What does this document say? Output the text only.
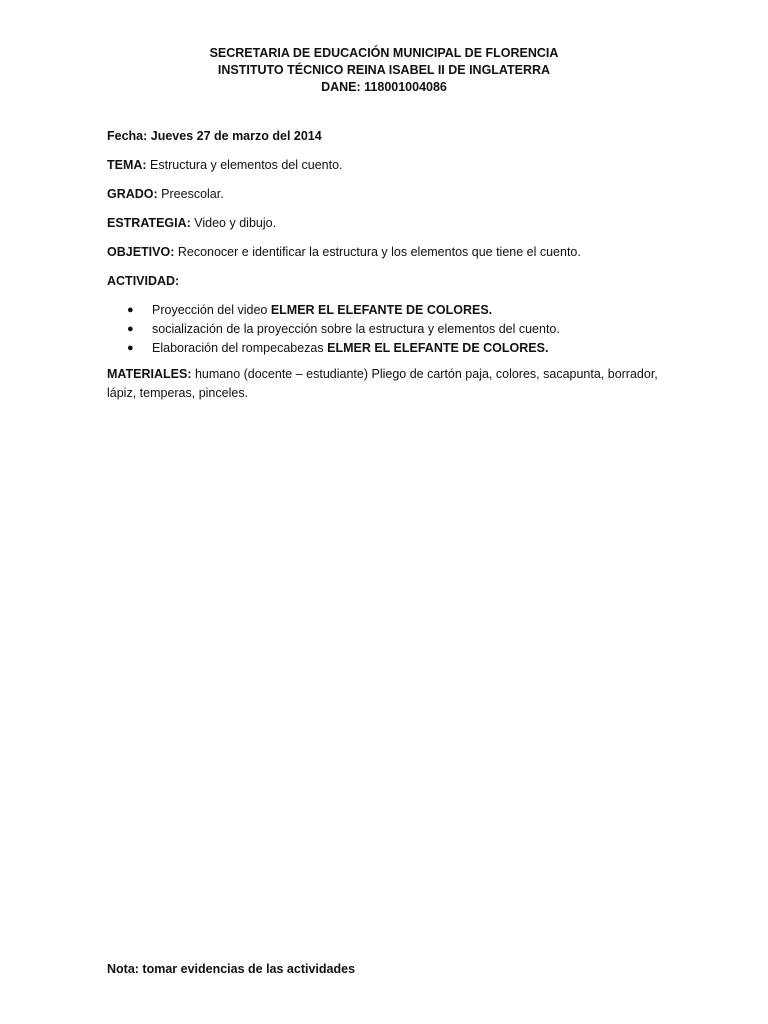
SECRETARIA DE EDUCACIÓN MUNICIPAL DE FLORENCIA
INSTITUTO TÉCNICO REINA ISABEL II DE INGLATERRA
DANE: 118001004086

Fecha: Jueves 27 de marzo del 2014

TEMA: Estructura y elementos del cuento.

GRADO: Preescolar.

ESTRATEGIA: Video y dibujo.

OBJETIVO: Reconocer e identificar la estructura y los elementos que tiene el cuento.

ACTIVIDAD:

● Proyección del video ELMER EL ELEFANTE DE COLORES.
● socialización de la proyección sobre la estructura y elementos del cuento.
● Elaboración del rompecabezas ELMER EL ELEFANTE DE COLORES.

MATERIALES: humano (docente – estudiante) Pliego de cartón paja, colores, sacapunta, borrador, lápiz, temperas, pinceles.

Nota: tomar evidencias de las actividades
